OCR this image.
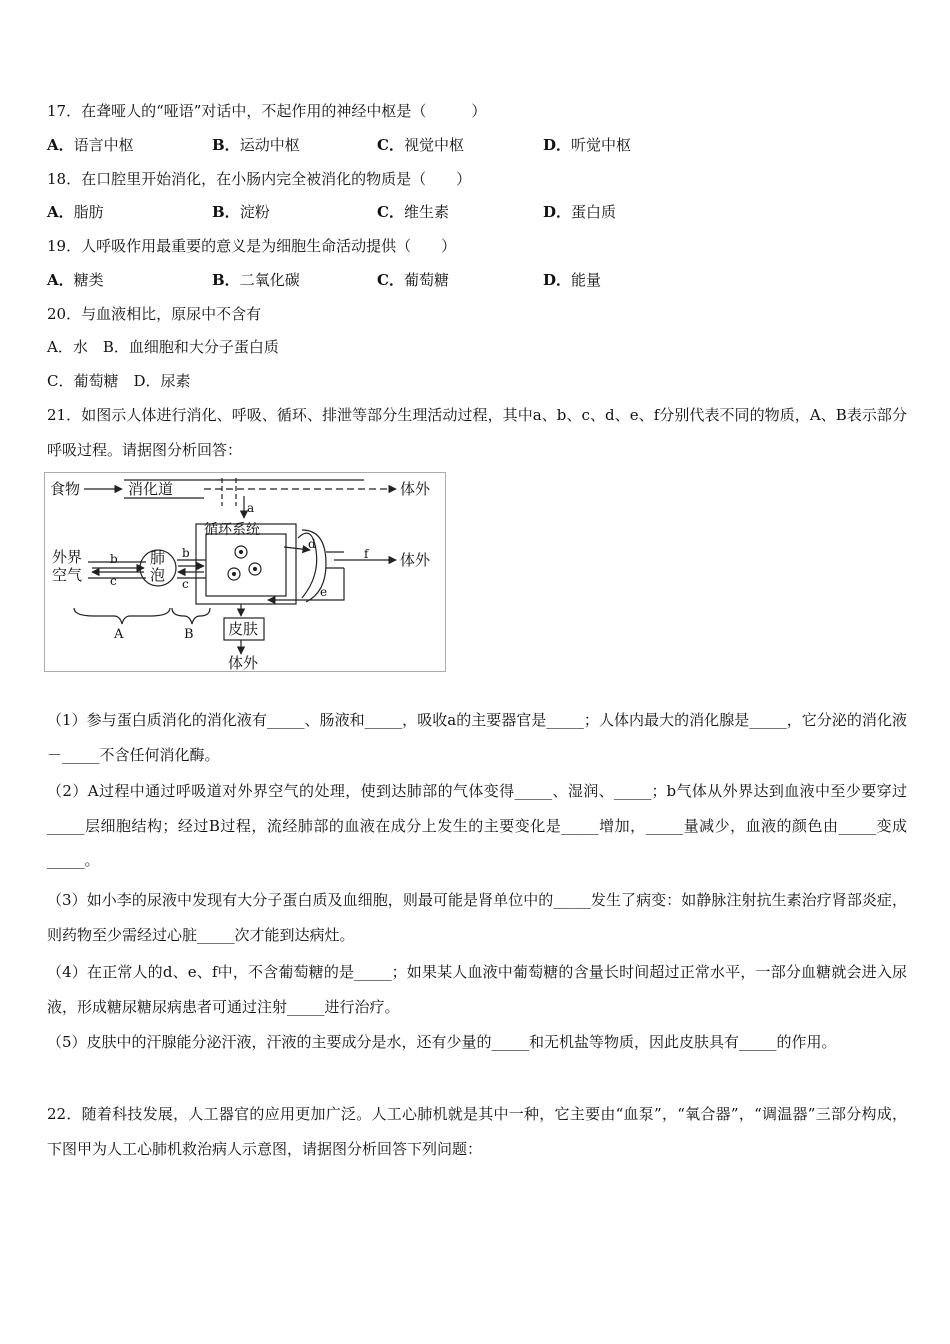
17．在聋哑人的“哑语”对话中，不起作用的神经中枢是（　　　）
A．语言中枢	B．运动中枢	C．视觉中枢	D．听觉中枢
18．在口腔里开始消化，在小肠内完全被消化的物质是（　　）
A．脂肪	B．淀粉	C．维生素	D．蛋白质
19．人呼吸作用最重要的意义是为细胞生命活动提供（　　）
A．糖类	B．二氧化碳	C．葡萄糖	D．能量
20．与血液相比，原尿中不含有
A．水　B．血细胞和大分子蛋白质
C．葡萄糖　D．尿素
21．如图示人体进行消化、呼吸、循环、排泄等部分生理活动过程，其中a、b、c、d、e、f分别代表不同的物质，A、B表示部分呼吸过程。请据图分析回答：
食物	消化道	体外
a
外界
空气
b
c
肺
泡
b
c
循环系统
d
f 体外
e
皮肤
体外
A	B
（1）参与蛋白质消化的消化液有_____、肠液和_____，吸收a的主要器官是_____；人体内最大的消化腺是_____，它分泌的消化液－_____不含任何消化酶。
（2）A过程中通过呼吸道对外界空气的处理，使到达肺部的气体变得_____、湿润、_____；b气体从外界达到血液中至少要穿过_____层细胞结构；经过B过程，流经肺部的血液在成分上发生的主要变化是_____增加，_____量减少，血液的颜色由_____变成_____。
（3）如小李的尿液中发现有大分子蛋白质及血细胞，则最可能是肾单位中的_____发生了病变：如静脉注射抗生素治疗肾部炎症，则药物至少需经过心脏_____次才能到达病灶。
（4）在正常人的d、e、f中，不含葡萄糖的是_____；如果某人血液中葡萄糖的含量长时间超过正常水平，一部分血糖就会进入尿液，形成糖尿糖尿病患者可通过注射_____进行治疗。
（5）皮肤中的汗腺能分泌汗液，汗液的主要成分是水，还有少量的_____和无机盐等物质，因此皮肤具有_____的作用。
22．随着科技发展，人工器官的应用更加广泛。人工心肺机就是其中一种，它主要由“血泵”，“氧合器”，“调温器”三部分构成，下图甲为人工心肺机救治病人示意图，请据图分析回答下列问题：
